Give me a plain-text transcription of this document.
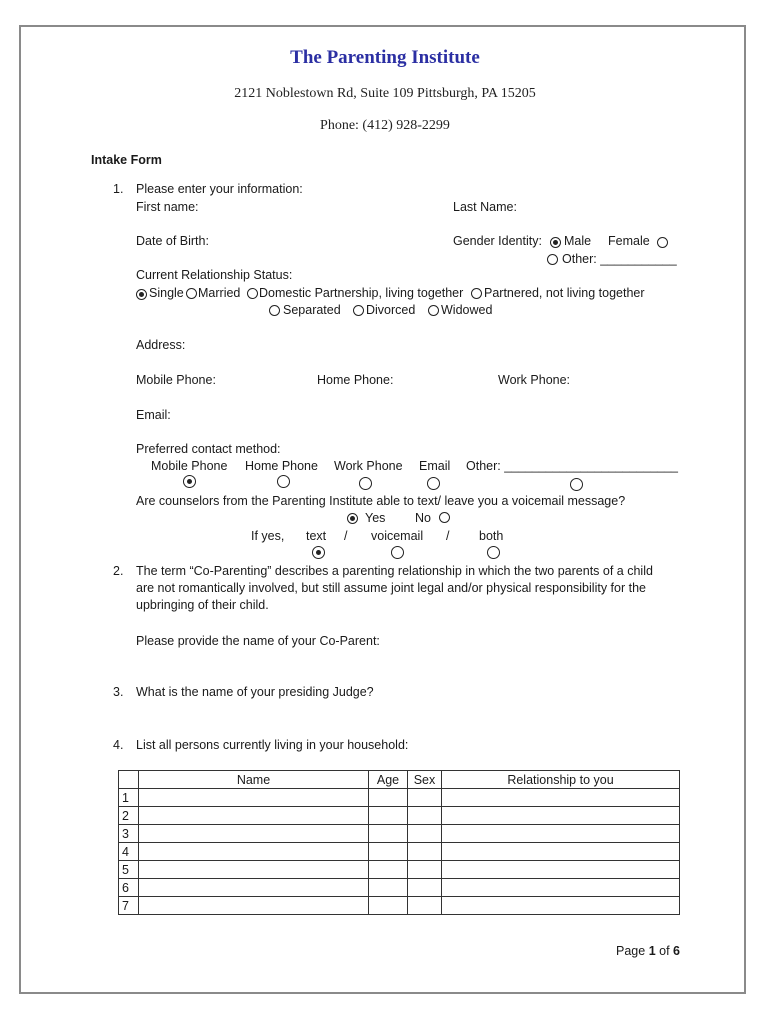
The Parenting Institute
2121 Noblestown Rd, Suite 109 Pittsburgh, PA 15205
Phone: (412) 928-2299
Intake Form
1. Please enter your information:
First name:	Last Name:
Date of Birth:	Gender Identity: Male Female
Other: ___________
Current Relationship Status:
Single Married Domestic Partnership, living together Partnered, not living together
Separated Divorced Widowed
Address:
Mobile Phone:	Home Phone:	Work Phone:
Email:
Preferred contact method:
Mobile Phone Home Phone Work Phone Email Other: _________________________
Are counselors from the Parenting Institute able to text/ leave you a voicemail message?
Yes No
If yes, text / voicemail / both
2. The term “Co-Parenting” describes a parenting relationship in which the two parents of a child
are not romantically involved, but still assume joint legal and/or physical responsibility for the
upbringing of their child.
Please provide the name of your Co-Parent:
3. What is the name of your presiding Judge?
4. List all persons currently living in your household:
	Name	Age	Sex	Relationship to you
1				
2				
3				
4				
5				
6				
7				
Page 1 of 6
